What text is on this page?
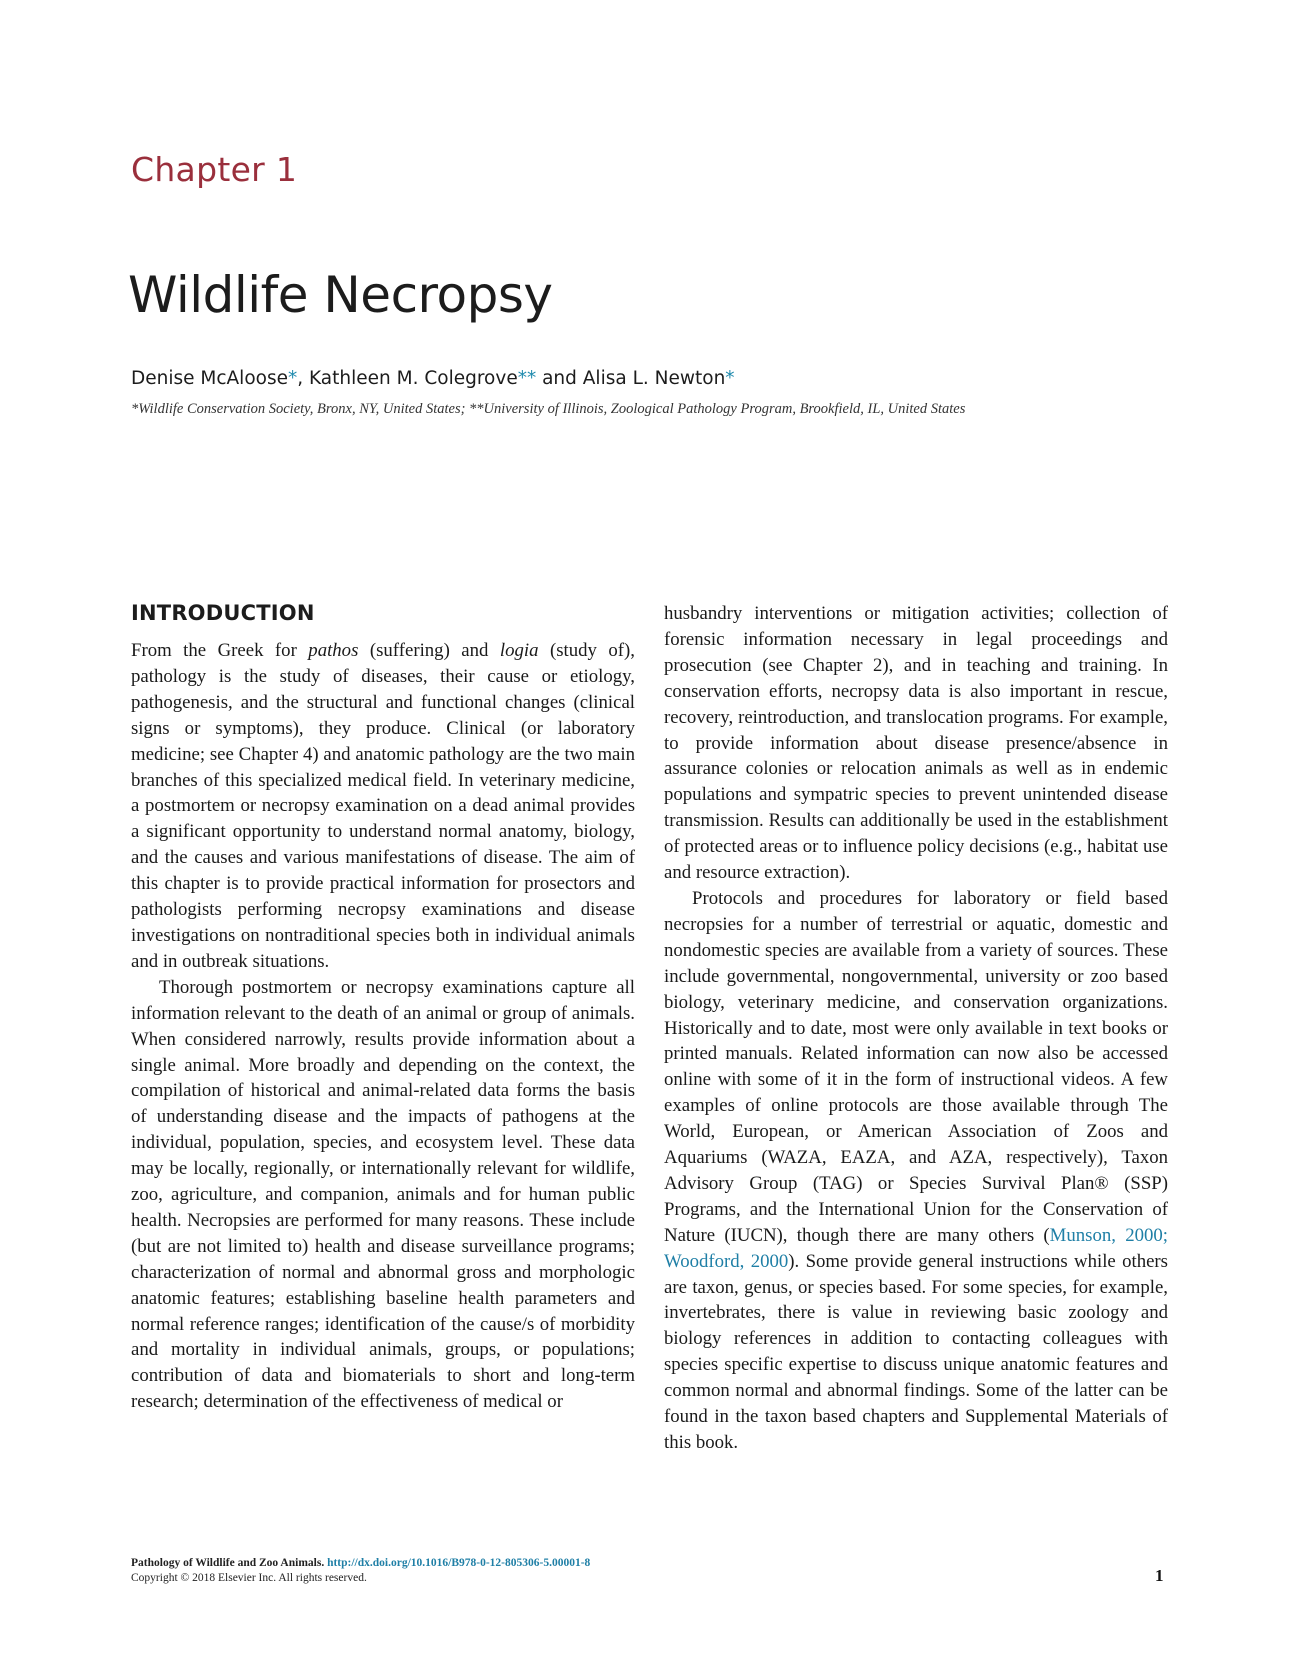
Chapter 1
Wildlife Necropsy
Denise McAloose*, Kathleen M. Colegrove** and Alisa L. Newton*
*Wildlife Conservation Society, Bronx, NY, United States; **University of Illinois, Zoological Pathology Program, Brookfield, IL, United States
INTRODUCTION

From the Greek for pathos (suffering) and logia (study of), pathology is the study of diseases, their cause or etiology, pathogenesis, and the structural and functional changes (clinical signs or symptoms), they produce. Clinical (or laboratory medicine; see Chapter 4) and anatomic pathology are the two main branches of this specialized medical field. In veterinary medicine, a postmortem or necropsy examination on a dead animal provides a significant opportunity to understand normal anatomy, biology, and the causes and various manifestations of disease. The aim of this chapter is to provide practical information for prosectors and pathologists performing necropsy examinations and disease investigations on nontraditional species both in individual animals and in outbreak situations.

Thorough postmortem or necropsy examinations capture all information relevant to the death of an animal or group of animals. When considered narrowly, results provide information about a single animal. More broadly and depending on the context, the compilation of historical and animal-related data forms the basis of understanding disease and the impacts of pathogens at the individual, population, species, and ecosystem level. These data may be locally, regionally, or internationally relevant for wildlife, zoo, agriculture, and companion, animals and for human public health. Necropsies are performed for many reasons. These include (but are not limited to) health and disease surveillance programs; characterization of normal and abnormal gross and morphologic anatomic features; establishing baseline health parameters and normal reference ranges; identification of the cause/s of morbidity and mortality in individual animals, groups, or populations; contribution of data and biomaterials to short and long-term research; determination of the effectiveness of medical or

husbandry interventions or mitigation activities; collection of forensic information necessary in legal proceedings and prosecution (see Chapter 2), and in teaching and training. In conservation efforts, necropsy data is also important in rescue, recovery, reintroduction, and translocation programs. For example, to provide information about disease presence/absence in assurance colonies or relocation animals as well as in endemic populations and sympatric species to prevent unintended disease transmission. Results can additionally be used in the establishment of protected areas or to influence policy decisions (e.g., habitat use and resource extraction).

Protocols and procedures for laboratory or field based necropsies for a number of terrestrial or aquatic, domestic and nondomestic species are available from a variety of sources. These include governmental, nongovernmental, university or zoo based biology, veterinary medicine, and conservation organizations. Historically and to date, most were only available in text books or printed manuals. Related information can now also be accessed online with some of it in the form of instructional videos. A few examples of online protocols are those available through The World, European, or American Association of Zoos and Aquariums (WAZA, EAZA, and AZA, respectively), Taxon Advisory Group (TAG) or Species Survival Plan® (SSP) Programs, and the International Union for the Conservation of Nature (IUCN), though there are many others (Munson, 2000; Woodford, 2000). Some provide general instructions while others are taxon, genus, or species based. For some species, for example, invertebrates, there is value in reviewing basic zoology and biology references in addition to contacting colleagues with species specific expertise to discuss unique anatomic features and common normal and abnormal findings. Some of the latter can be found in the taxon based chapters and Supplemental Materials of this book.

Pathology of Wildlife and Zoo Animals. http://dx.doi.org/10.1016/B978-0-12-805306-5.00001-8
Copyright © 2018 Elsevier Inc. All rights reserved.	1
